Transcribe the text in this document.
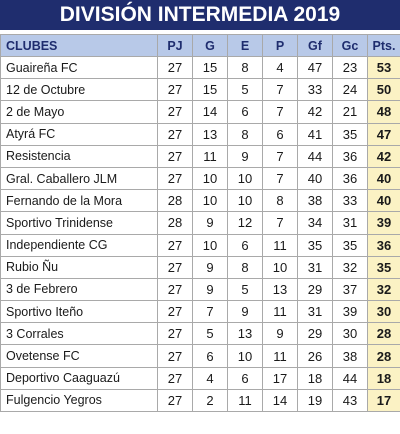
DIVISIÓN INTERMEDIA 2019
CLUBES	PJ	G	E	P	Gf	Gc	Pts.
Guaireña FC	27	15	8	4	47	23	53
12 de Octubre	27	15	5	7	33	24	50
2 de Mayo	27	14	6	7	42	21	48
Atyrá FC	27	13	8	6	41	35	47
Resistencia	27	11	9	7	44	36	42
Gral. Caballero JLM	27	10	10	7	40	36	40
Fernando de la Mora	28	10	10	8	38	33	40
Sportivo Trinidense	28	9	12	7	34	31	39
Independiente CG	27	10	6	11	35	35	36
Rubio Ñu	27	9	8	10	31	32	35
3 de Febrero	27	9	5	13	29	37	32
Sportivo Iteño	27	7	9	11	31	39	30
3 Corrales	27	5	13	9	29	30	28
Ovetense FC	27	6	10	11	26	38	28
Deportivo Caaguazú	27	4	6	17	18	44	18
Fulgencio Yegros	27	2	11	14	19	43	17
